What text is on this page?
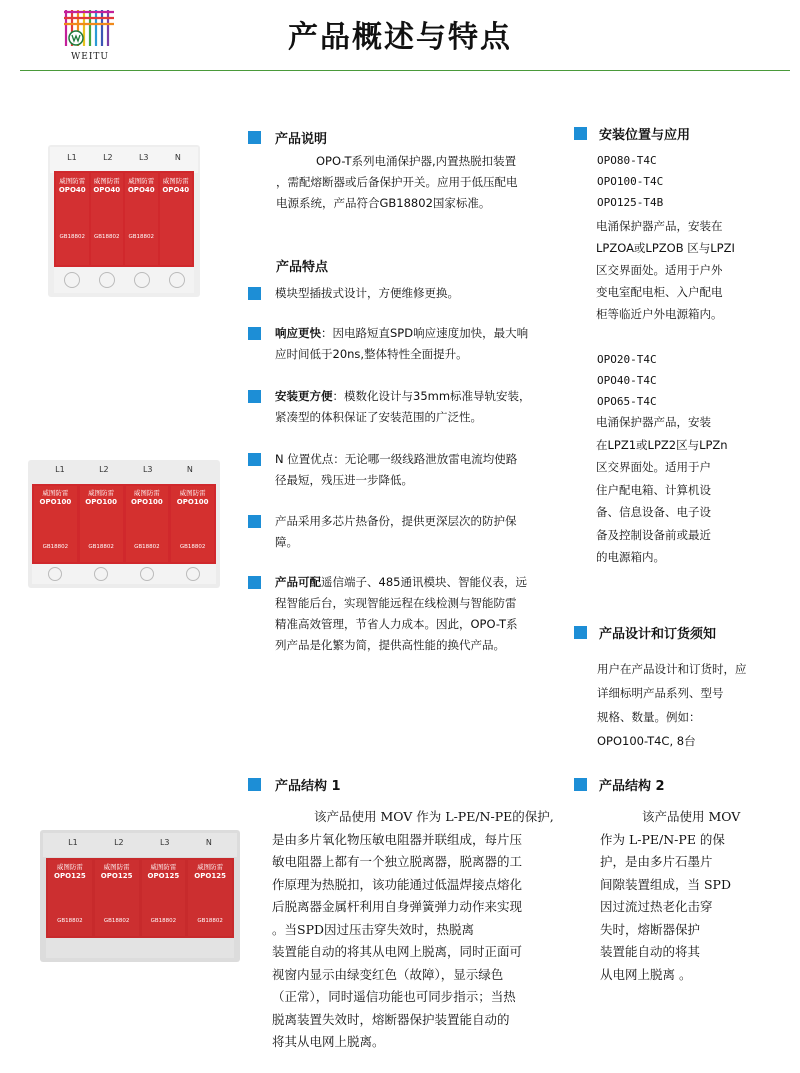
WEITU
产品概述与特点
L1	L2	L3	N
威图防雷
OPO40
GB18802
威图防雷
OPO40
GB18802
威图防雷
OPO40
GB18802
威图防雷
OPO40
L1	L2	L3	N
威图防雷
OPO100
GB18802
威图防雷
OPO100
GB18802
威图防雷
OPO100
GB18802
威图防雷
OPO100
GB18802
L1	L2	L3	N
威图防雷
OPO125
GB18802
威图防雷
OPO125
GB18802
威图防雷
OPO125
GB18802
威图防雷
OPO125
GB18802
产品说明
OPO-T系列电涌保护器,内置热脱扣装置
，需配熔断器或后备保护开关。应用于低压配电
电源系统，产品符合GB18802国家标准。
产品特点
模块型插拔式设计，方便维修更换。
响应更快：因电路短直SPD响应速度加快，最大响
应时间低于20ns,整体特性全面提升。
安装更方便：模数化设计与35mm标准导轨安装，
紧凑型的体积保证了安装范围的广泛性。
N 位置优点：无论哪一级线路泄放雷电流均使路
径最短，残压进一步降低。
产品采用多芯片热备份，提供更深层次的防护保
障。
产品可配遥信端子、485通讯模块、智能仪表，远
程智能后台，实现智能远程在线检测与智能防雷
精准高效管理，节省人力成本。因此，OPO-T系
列产品是化繁为简，提供高性能的换代产品。
安装位置与应用
OPO80-T4C
OPO100-T4C
OPO125-T4B
电涌保护器产品，安装在
LPZOA或LPZOB 区与LPZI
区交界面处。适用于户外
变电室配电柜、入户配电
柜等临近户外电源箱内。
OPO20-T4C
OPO40-T4C
OPO65-T4C
电涌保护器产品，安装
在LPZ1或LPZ2区与LPZn
区交界面处。适用于户
住户配电箱、计算机设
备、信息设备、电子设
备及控制设备前或最近
的电源箱内。
产品设计和订货须知
用户在产品设计和订货时，应
详细标明产品系列、型号
规格、数量。例如：
OPO100-T4C, 8台
产品结构 1
该产品使用 MOV 作为 L-PE/N-PE的保护,
是由多片氧化物压敏电阻器并联组成，每片压
敏电阻器上都有一个独立脱离器，脱离器的工
作原理为热脱扣，该功能通过低温焊接点熔化
后脱离器金属杆利用自身弹簧弹力动作来实现
。当SPD因过压击穿失效时，热脱离
装置能自动的将其从电网上脱离，同时正面可
视窗内显示由绿变红色（故障），显示绿色
（正常），同时遥信功能也可同步指示；当热
脱离装置失效时，熔断器保护装置能自动的
将其从电网上脱离。
产品结构 2
该产品使用 MOV
作为 L-PE/N-PE 的保
护，是由多片石墨片
间隙装置组成，当 SPD
因过流过热老化击穿
失时，熔断器保护
装置能自动的将其
从电网上脱离 。
